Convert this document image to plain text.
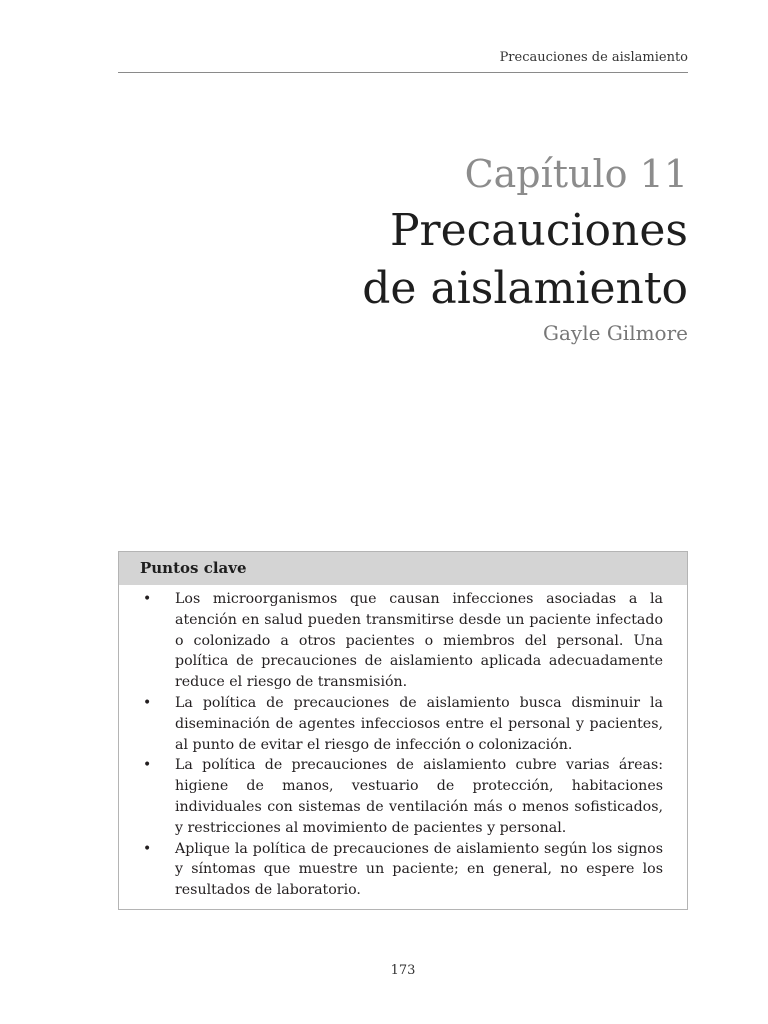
Precauciones de aislamiento
Capítulo 11
Precauciones
de aislamiento
Gayle Gilmore
Puntos clave
• Los microorganismos que causan infecciones asociadas a la atención en salud pueden transmitirse desde un paciente infectado o colonizado a otros pacientes o miembros del personal. Una política de precauciones de aislamiento aplicada adecuadamente reduce el riesgo de transmisión.
• La política de precauciones de aislamiento busca disminuir la diseminación de agentes infecciosos entre el personal y pacientes, al punto de evitar el riesgo de infección o colonización.
• La política de precauciones de aislamiento cubre varias áreas: higiene de manos, vestuario de protección, habitaciones individuales con sistemas de ventilación más o menos sofisticados, y restricciones al movimiento de pacientes y personal.
• Aplique la política de precauciones de aislamiento según los signos y síntomas que muestre un paciente; en general, no espere los resultados de laboratorio.
173
